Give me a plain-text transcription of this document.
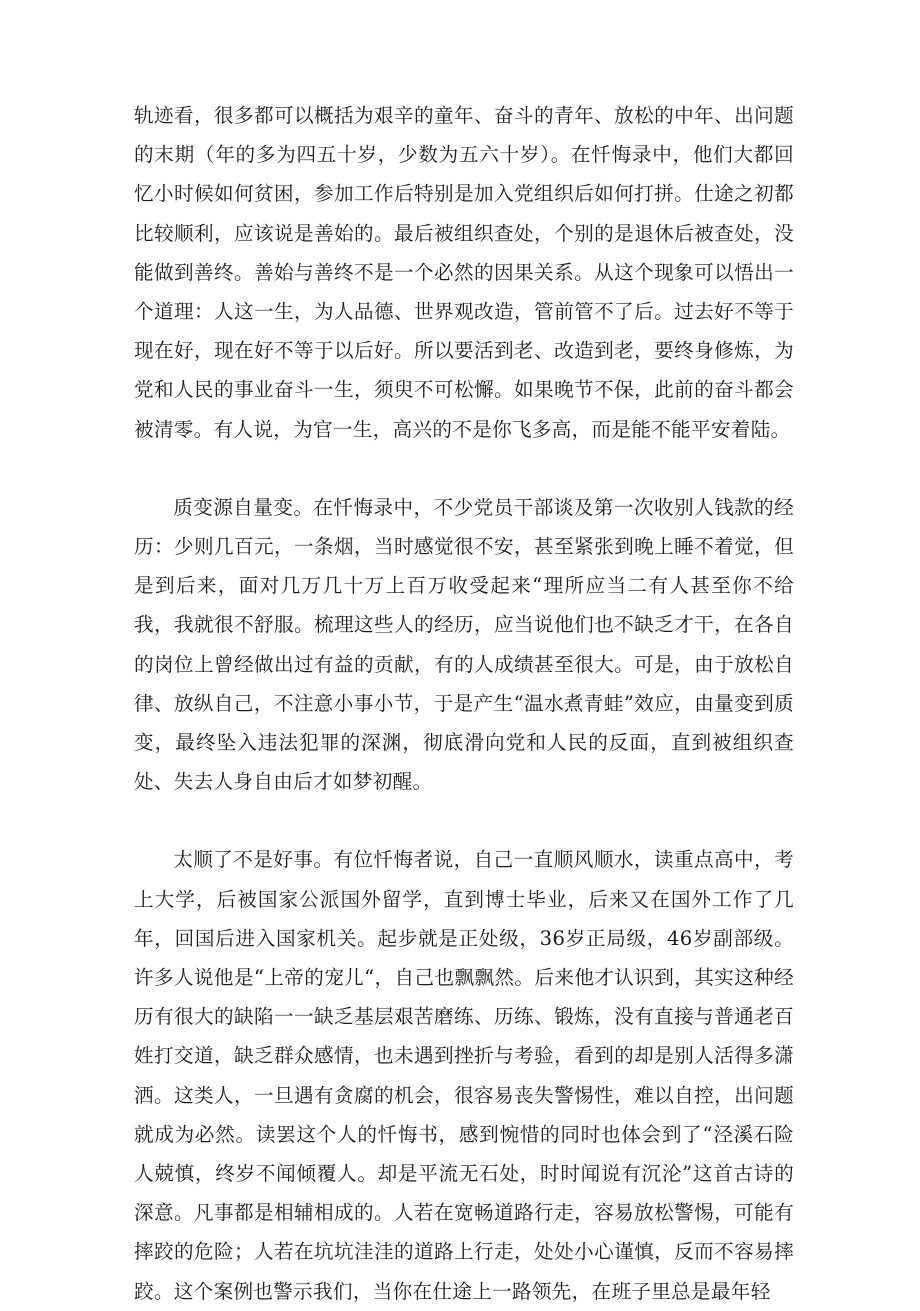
轨迹看，很多都可以概括为艰辛的童年、奋斗的青年、放松的中年、出问题的末期（年的多为四五十岁，少数为五六十岁）。在忏悔录中，他们大都回忆小时候如何贫困，参加工作后特别是加入党组织后如何打拼。仕途之初都比较顺利，应该说是善始的。最后被组织查处，个别的是退休后被查处，没能做到善终。善始与善终不是一个必然的因果关系。从这个现象可以悟出一个道理：人这一生，为人品德、世界观改造，管前管不了后。过去好不等于现在好，现在好不等于以后好。所以要活到老、改造到老，要终身修炼，为党和人民的事业奋斗一生，须臾不可松懈。如果晚节不保，此前的奋斗都会被清零。有人说，为官一生，高兴的不是你飞多高，而是能不能平安着陆。

质变源自量变。在忏悔录中，不少党员干部谈及第一次收别人钱款的经历：少则几百元，一条烟，当时感觉很不安，甚至紧张到晚上睡不着觉，但是到后来，面对几万几十万上百万收受起来“理所应当二有人甚至你不给我，我就很不舒服。梳理这些人的经历，应当说他们也不缺乏才干，在各自的岗位上曾经做出过有益的贡献，有的人成绩甚至很大。可是，由于放松自律、放纵自己，不注意小事小节，于是产生“温水煮青蛙”效应，由量变到质变，最终坠入违法犯罪的深渊，彻底滑向党和人民的反面，直到被组织查处、失去人身自由后才如梦初醒。

太顺了不是好事。有位忏悔者说，自己一直顺风顺水，读重点高中，考上大学，后被国家公派国外留学，直到博士毕业，后来又在国外工作了几年，回国后进入国家机关。起步就是正处级，36岁正局级，46岁副部级。许多人说他是“上帝的宠儿“，自己也飘飘然。后来他才认识到，其实这种经历有很大的缺陷一一缺乏基层艰苦磨练、历练、锻炼，没有直接与普通老百姓打交道，缺乏群众感情，也未遇到挫折与考验，看到的却是别人活得多潇洒。这类人，一旦遇有贪腐的机会，很容易丧失警惕性，难以自控，出问题就成为必然。读罢这个人的忏悔书，感到惋惜的同时也体会到了“泾溪石险人兢慎，终岁不闻倾覆人。却是平流无石处，时时闻说有沉沦”这首古诗的深意。凡事都是相辅相成的。人若在宽畅道路行走，容易放松警惕，可能有摔跤的危险；人若在坑坑洼洼的道路上行走，处处小心谨慎，反而不容易摔跤。这个案例也警示我们，当你在仕途上一路领先，在班子里总是最年轻
